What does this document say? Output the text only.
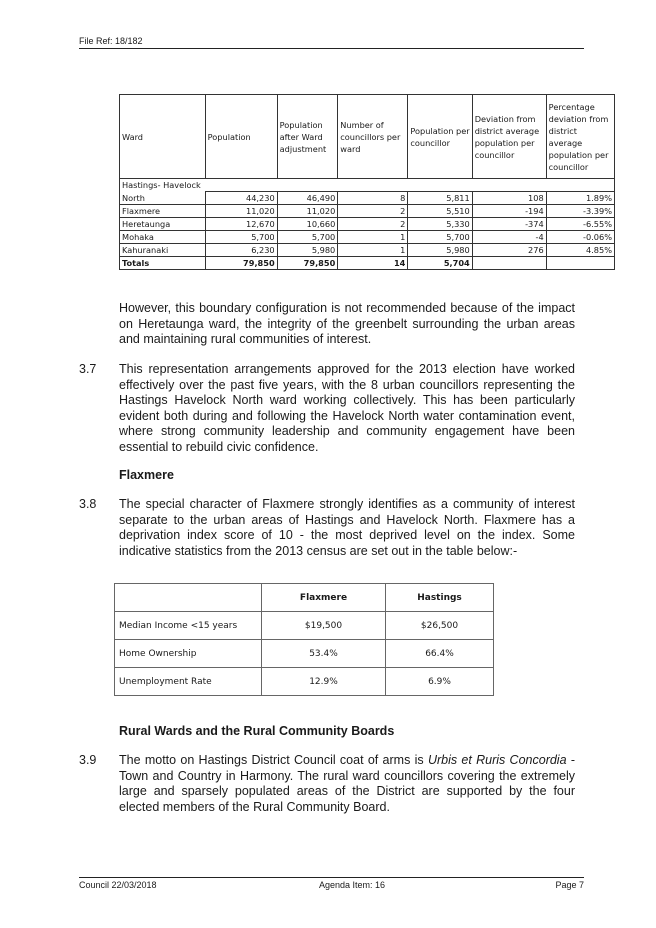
File Ref: 18/182
Ward	Population	Population after Ward adjustment	Number of councillors per ward	Population per councillor	Deviation from district average population per councillor	Percentage deviation from district average population per councillor
Hastings- Havelock						
North	44,230	46,490	8	5,811	108	1.89%
Flaxmere	11,020	11,020	2	5,510	-194	-3.39%
Heretaunga	12,670	10,660	2	5,330	-374	-6.55%
Mohaka	5,700	5,700	1	5,700	-4	-0.06%
Kahuranaki	6,230	5,980	1	5,980	276	4.85%
Totals	79,850	79,850	14	5,704		
However, this boundary configuration is not recommended because of the impact on Heretaunga ward, the integrity of the greenbelt surrounding the urban areas and maintaining rural communities of interest.
3.7 This representation arrangements approved for the 2013 election have worked effectively over the past five years, with the 8 urban councillors representing the Hastings Havelock North ward working collectively. This has been particularly evident both during and following the Havelock North water contamination event, where strong community leadership and community engagement have been essential to rebuild civic confidence.
Flaxmere
3.8 The special character of Flaxmere strongly identifies as a community of interest separate to the urban areas of Hastings and Havelock North. Flaxmere has a deprivation index score of 10 - the most deprived level on the index. Some indicative statistics from the 2013 census are set out in the table below:-
	Flaxmere	Hastings
Median Income <15 years	$19,500	$26,500
Home Ownership	53.4%	66.4%
Unemployment Rate	12.9%	6.9%
Rural Wards and the Rural Community Boards
3.9 The motto on Hastings District Council coat of arms is Urbis et Ruris Concordia - Town and Country in Harmony. The rural ward councillors covering the extremely large and sparsely populated areas of the District are supported by the four elected members of the Rural Community Board.
Council 22/03/2018	Agenda Item: 16	Page 7
